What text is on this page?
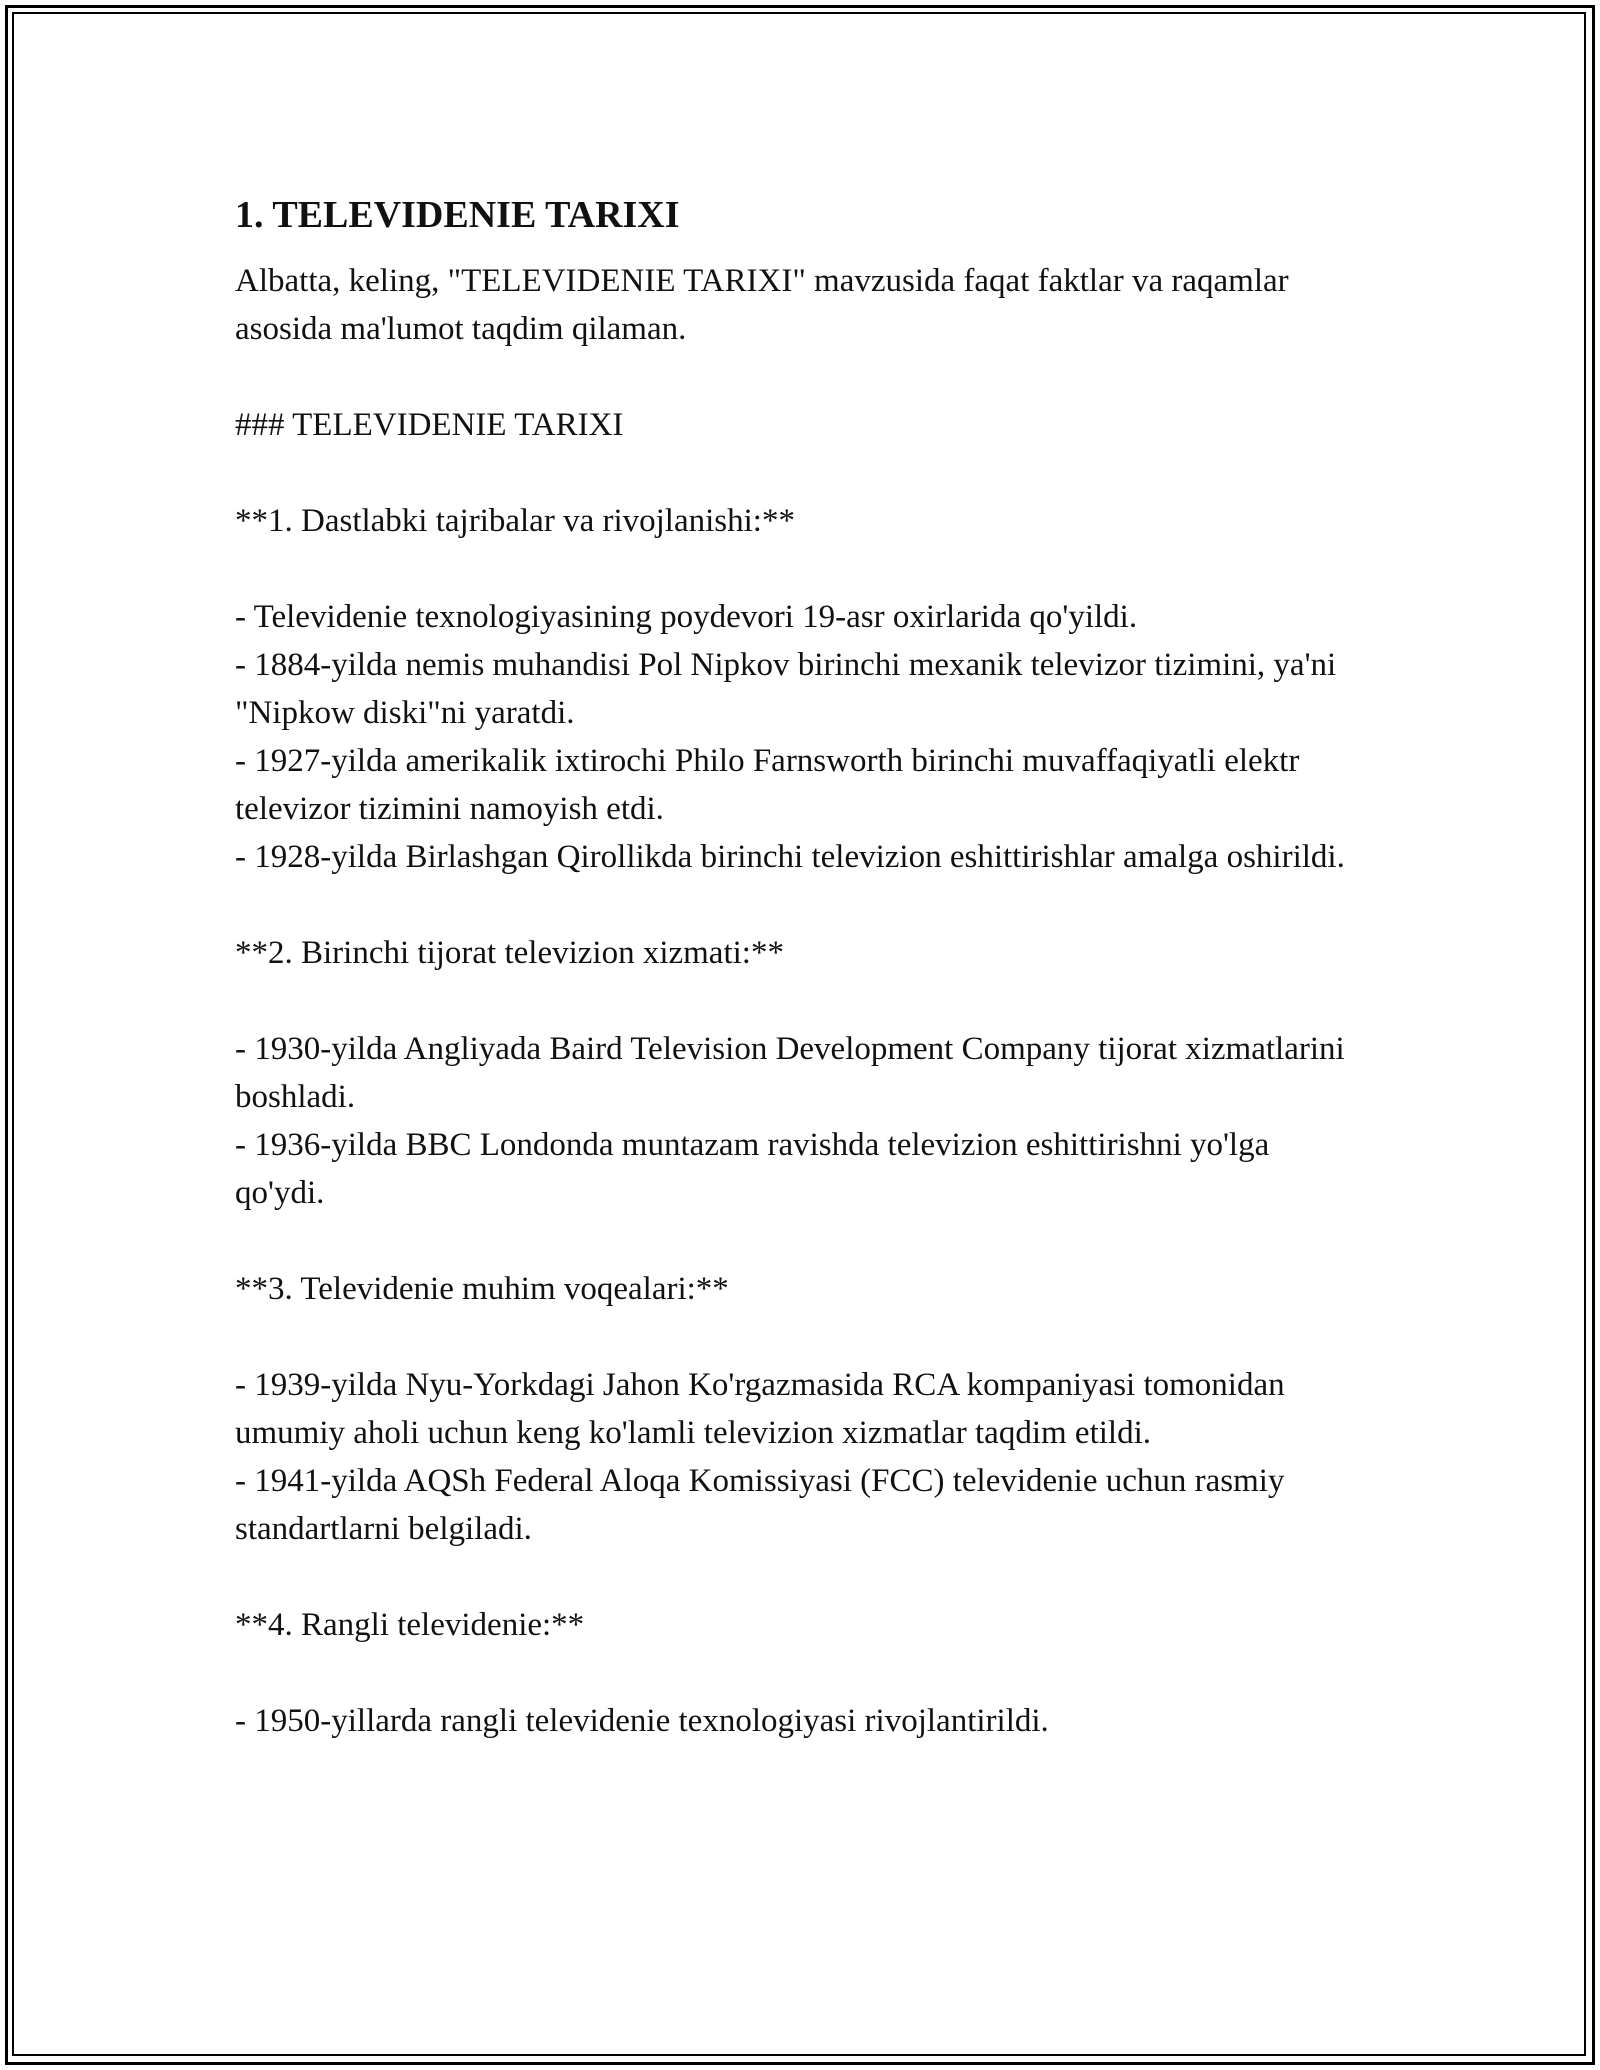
1. TELEVIDENIE TARIXI

Albatta, keling, "TELEVIDENIE TARIXI" mavzusida faqat faktlar va raqamlar asosida ma'lumot taqdim qilaman.

### TELEVIDENIE TARIXI

**1. Dastlabki tajribalar va rivojlanishi:**

- Televidenie texnologiyasining poydevori 19-asr oxirlarida qo'yildi.

- 1884-yilda nemis muhandisi Pol Nipkov birinchi mexanik televizor tizimini, ya'ni "Nipkow diski"ni yaratdi.

- 1927-yilda amerikalik ixtirochi Philo Farnsworth birinchi muvaffaqiyatli elektr televizor tizimini namoyish etdi.

- 1928-yilda Birlashgan Qirollikda birinchi televizion eshittirishlar amalga oshirildi.

**2. Birinchi tijorat televizion xizmati:**

- 1930-yilda Angliyada Baird Television Development Company tijorat xizmatlarini boshladi.

- 1936-yilda BBC Londonda muntazam ravishda televizion eshittirishni yo'lga qo'ydi.

**3. Televidenie muhim voqealari:**

- 1939-yilda Nyu-Yorkdagi Jahon Ko'rgazmasida RCA kompaniyasi tomonidan umumiy aholi uchun keng ko'lamli televizion xizmatlar taqdim etildi.

- 1941-yilda AQSh Federal Aloqa Komissiyasi (FCC) televidenie uchun rasmiy standartlarni belgiladi.

**4. Rangli televidenie:**

- 1950-yillarda rangli televidenie texnologiyasi rivojlantirildi.
